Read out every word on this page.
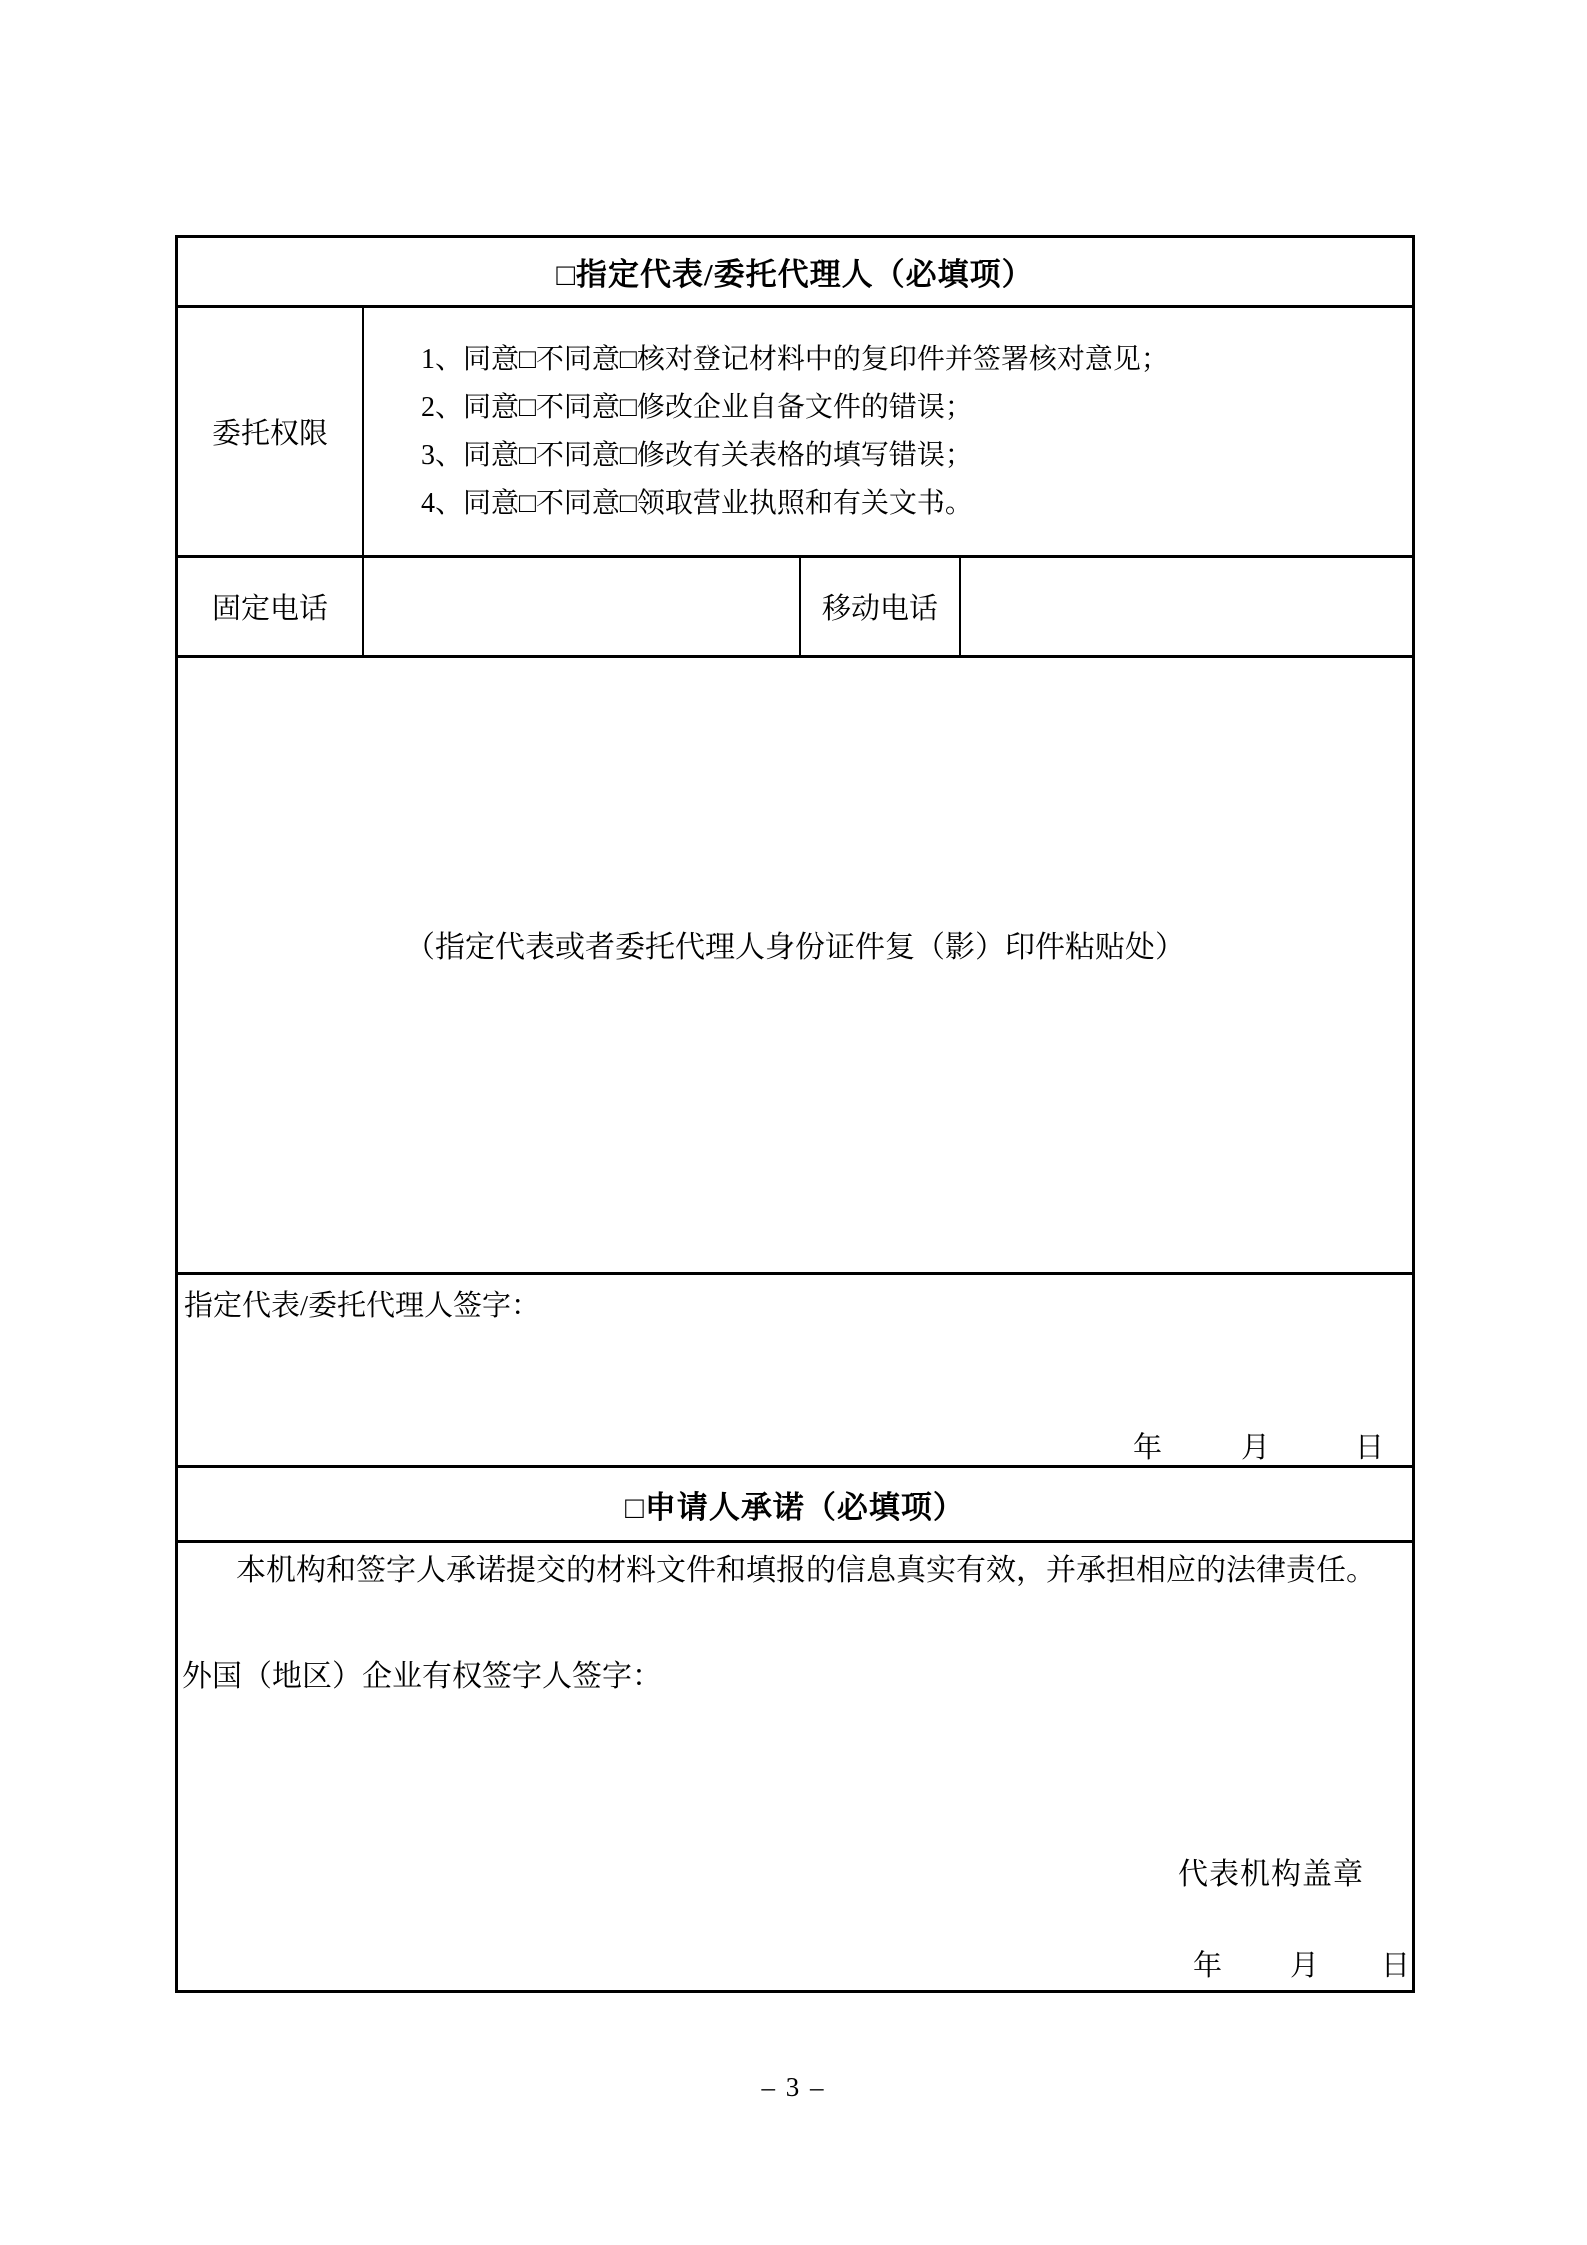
□指定代表/委托代理人（必填项）
委托权限
1、同意□不同意□核对登记材料中的复印件并签署核对意见；
2、同意□不同意□修改企业自备文件的错误；
3、同意□不同意□修改有关表格的填写错误；
4、同意□不同意□领取营业执照和有关文书。
固定电话	移动电话
（指定代表或者委托代理人身份证件复（影）印件粘贴处）
指定代表/委托代理人签字：
年	月	日
□申请人承诺（必填项）
本机构和签字人承诺提交的材料文件和填报的信息真实有效，并承担相应的法律责任。
外国（地区）企业有权签字人签字：
代表机构盖章
年 月 日
– 3 –
